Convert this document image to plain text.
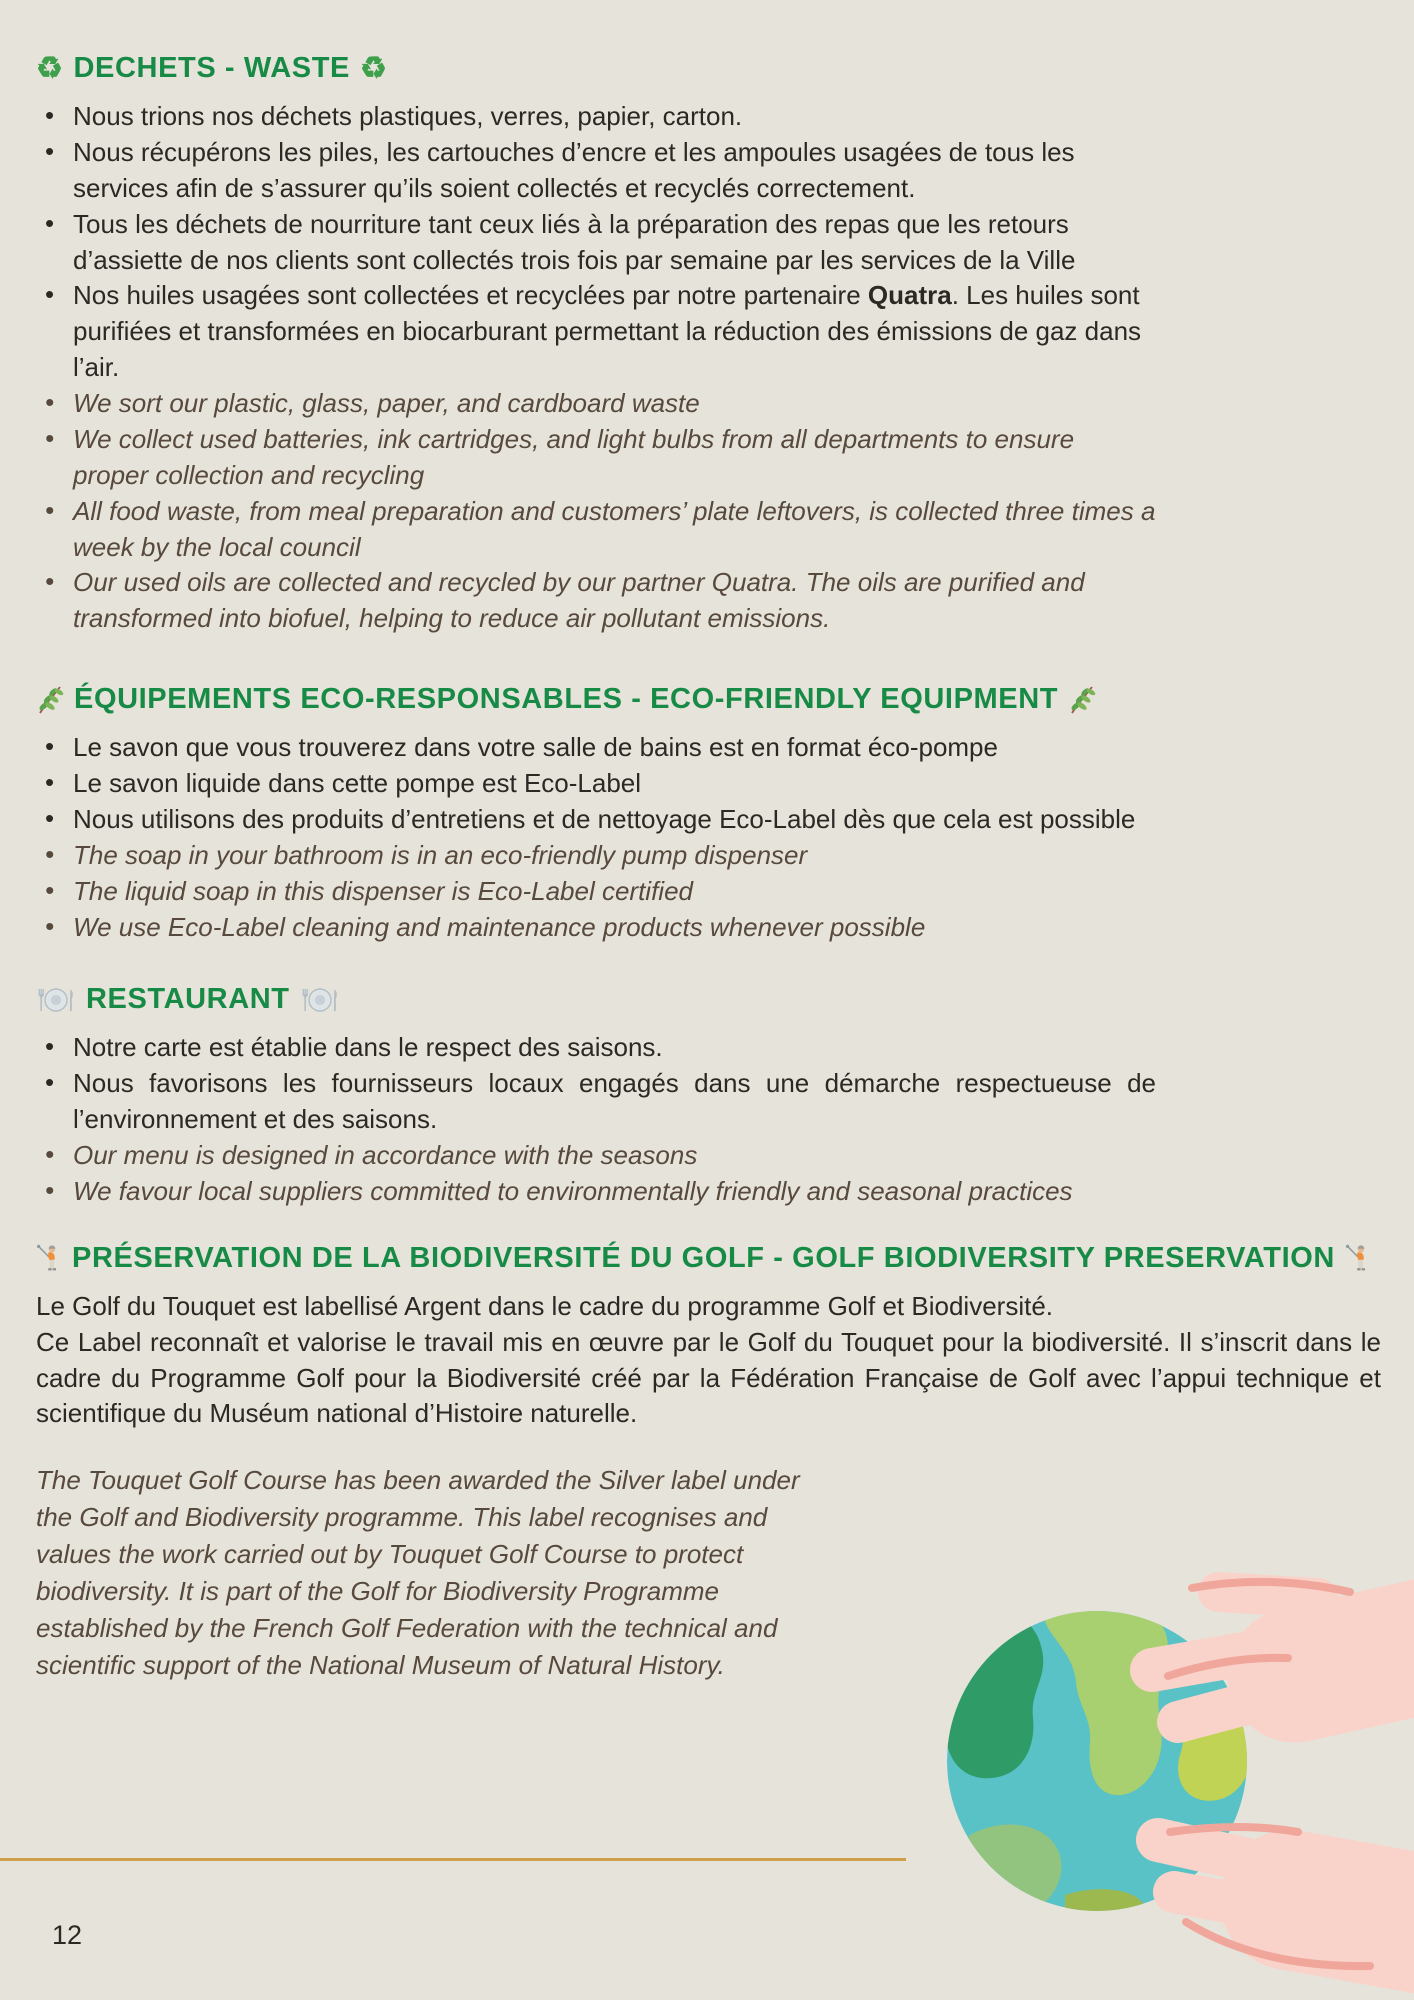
♻ DECHETS - WASTE ♻
• Nous trions nos déchets plastiques, verres, papier, carton.
• Nous récupérons les piles, les cartouches d’encre et les ampoules usagées de tous les services afin de s’assurer qu’ils soient collectés et recyclés correctement.
• Tous les déchets de nourriture tant ceux liés à la préparation des repas que les retours d’assiette de nos clients sont collectés trois fois par semaine par les services de la Ville
• Nos huiles usagées sont collectées et recyclées par notre partenaire Quatra. Les huiles sont purifiées et transformées en biocarburant permettant la réduction des émissions de gaz dans l’air.
• We sort our plastic, glass, paper, and cardboard waste
• We collect used batteries, ink cartridges, and light bulbs from all departments to ensure proper collection and recycling
• All food waste, from meal preparation and customers’ plate leftovers, is collected three times a week by the local council
• Our used oils are collected and recycled by our partner Quatra. The oils are purified and transformed into biofuel, helping to reduce air pollutant emissions.
ÉQUIPEMENTS ECO-RESPONSABLES - ECO-FRIENDLY EQUIPMENT
• Le savon que vous trouverez dans votre salle de bains est en format éco-pompe
• Le savon liquide dans cette pompe est Eco-Label
• Nous utilisons des produits d’entretiens et de nettoyage Eco-Label dès que cela est possible
• The soap in your bathroom is in an eco-friendly pump dispenser
• The liquid soap in this dispenser is Eco-Label certified
• We use Eco-Label cleaning and maintenance products whenever possible
RESTAURANT
• Notre carte est établie dans le respect des saisons.
• Nous favorisons les fournisseurs locaux engagés dans une démarche respectueuse de l’environnement et des saisons.
• Our menu is designed in accordance with the seasons
• We favour local suppliers committed to environmentally friendly and seasonal practices
PRÉSERVATION DE LA BIODIVERSITÉ DU GOLF - GOLF BIODIVERSITY PRESERVATION

Le Golf du Touquet est labellisé Argent dans le cadre du programme Golf et Biodiversité.

Ce Label reconnaît et valorise le travail mis en œuvre par le Golf du Touquet pour la biodiversité. Il s’inscrit dans le cadre du Programme Golf pour la Biodiversité créé par la Fédération Française de Golf avec l’appui technique et scientifique du Muséum national d’Histoire naturelle.

The Touquet Golf Course has been awarded the Silver label under the Golf and Biodiversity programme. This label recognises and values the work carried out by Touquet Golf Course to protect biodiversity. It is part of the Golf for Biodiversity Programme established by the French Golf Federation with the technical and scientific support of the National Museum of Natural History.

12
